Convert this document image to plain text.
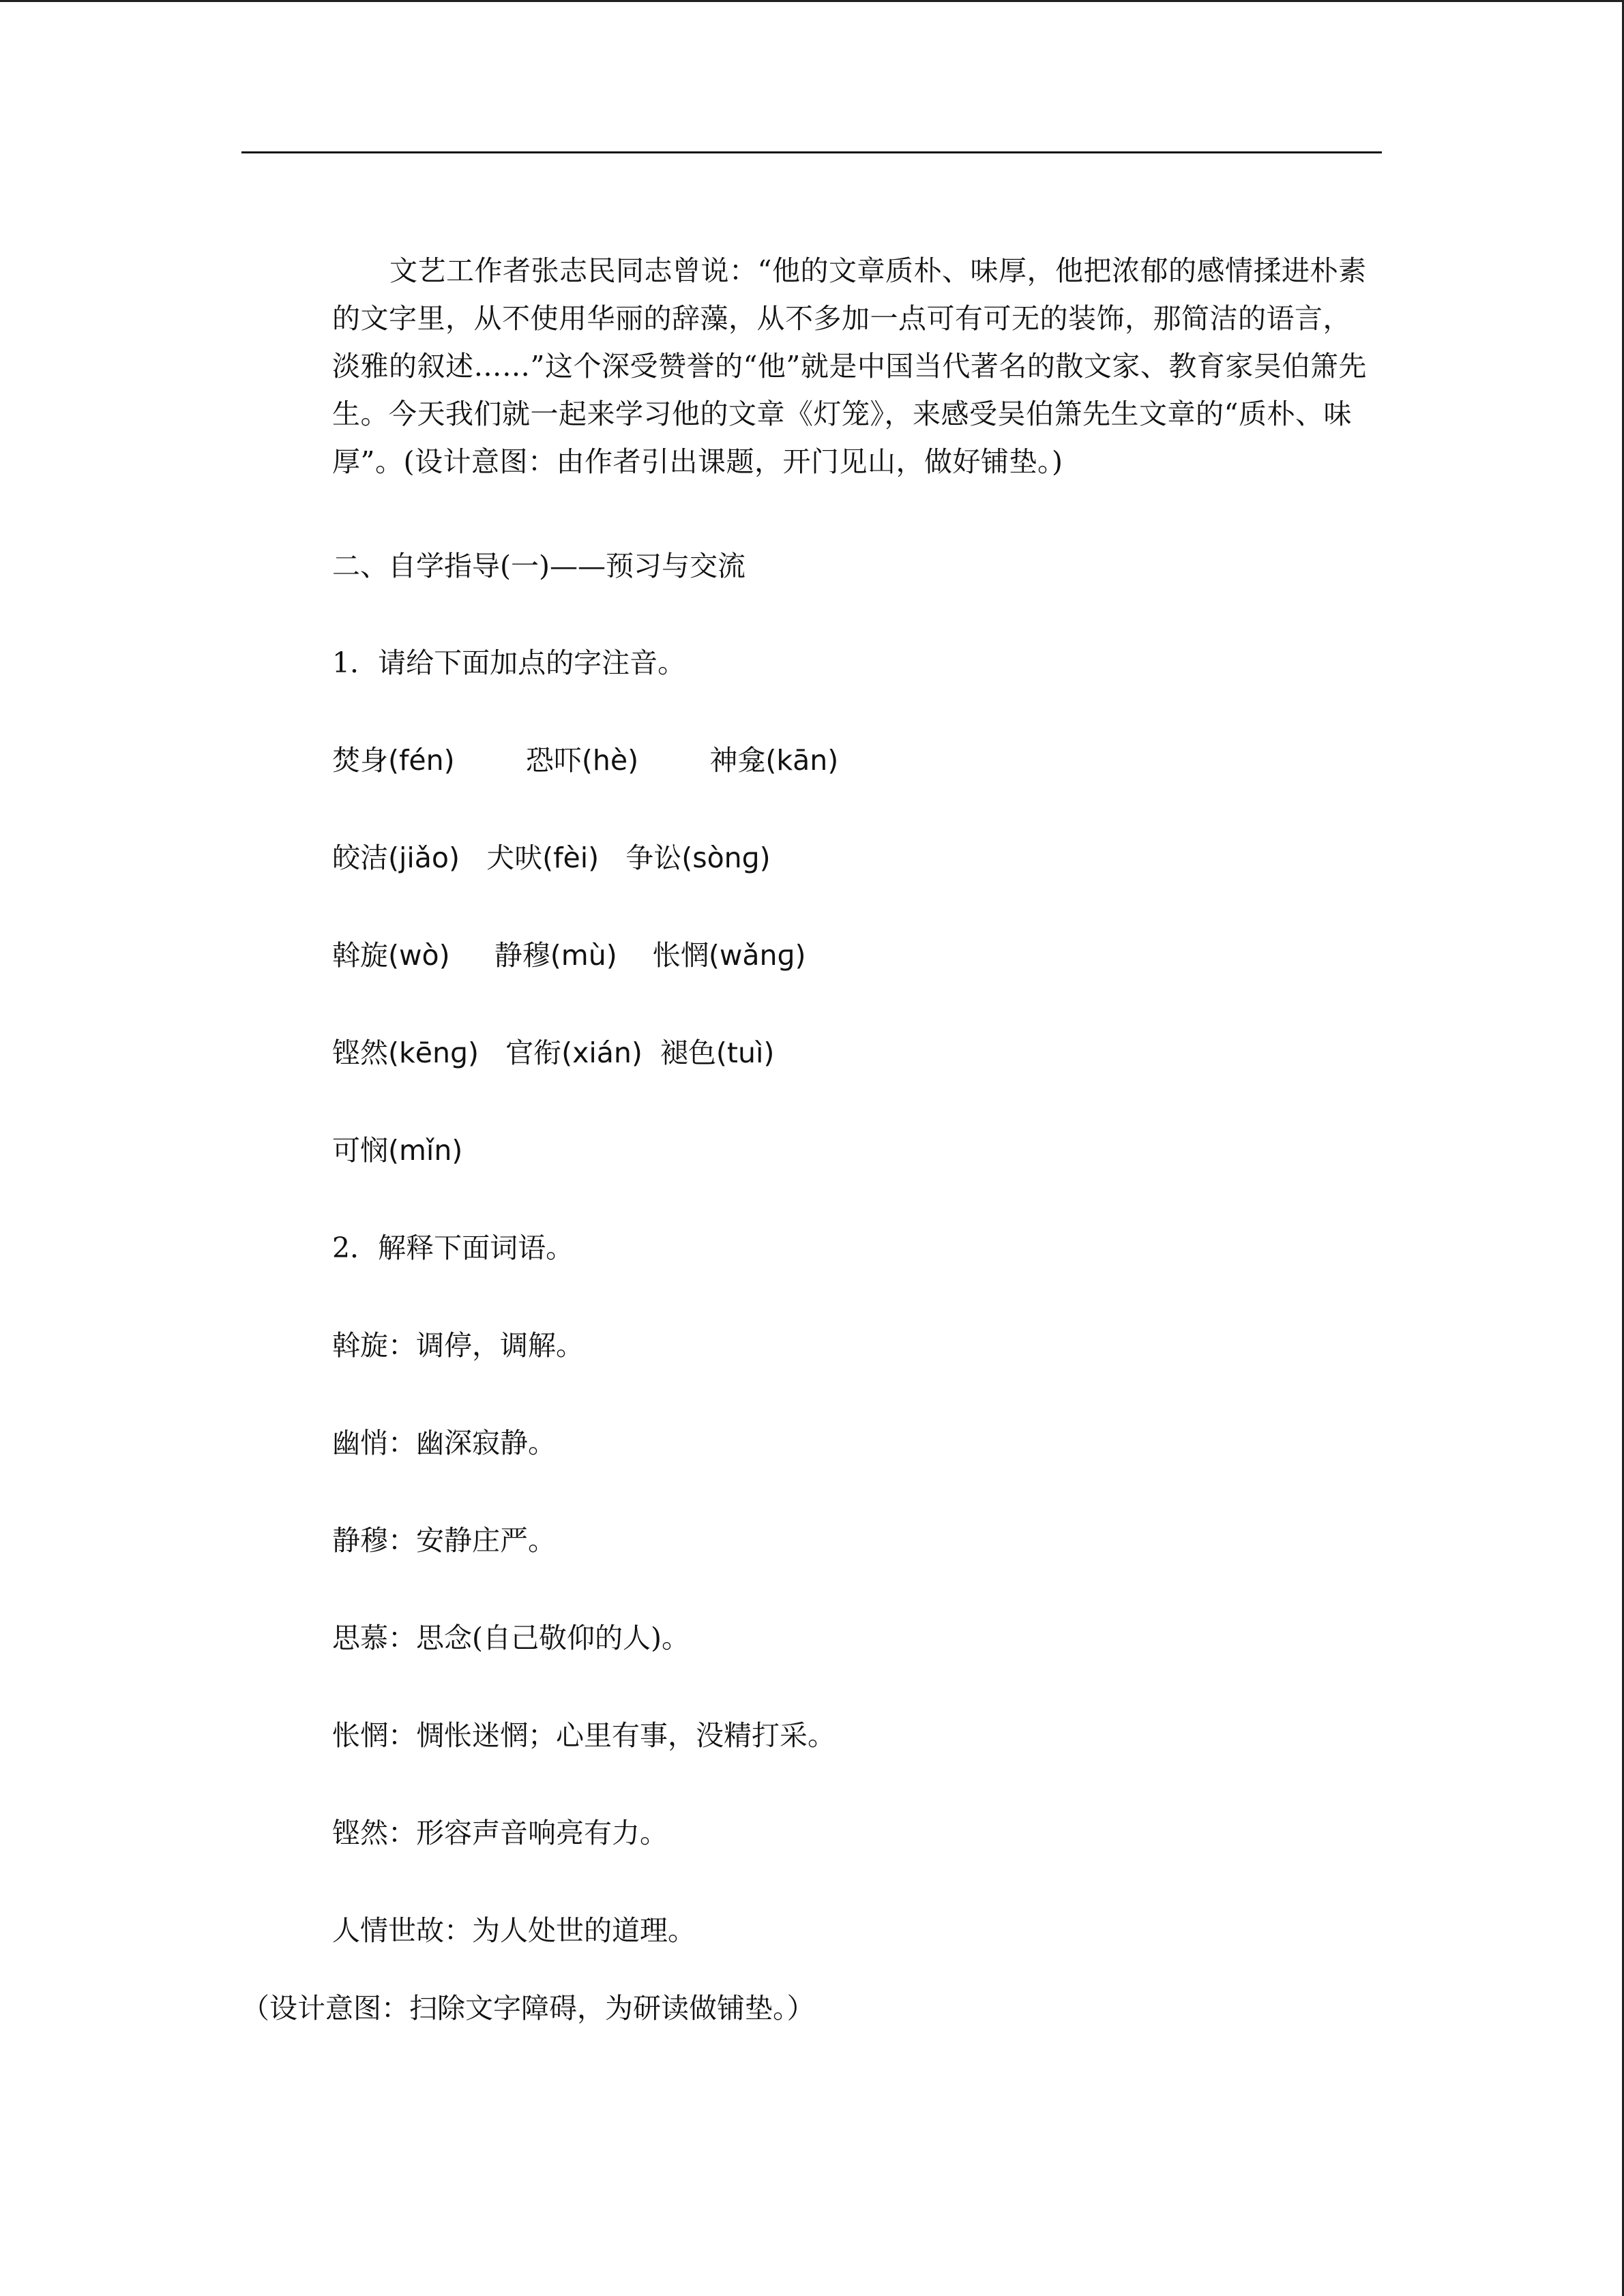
文艺工作者张志民同志曾说：“他的文章质朴、味厚，他把浓郁的感情揉进朴素的文字里，从不使用华丽的辞藻，从不多加一点可有可无的装饰，那简洁的语言，淡雅的叙述……”这个深受赞誉的“他”就是中国当代著名的散文家、教育家吴伯箫先生。今天我们就一起来学习他的文章《灯笼》，来感受吴伯箫先生文章的“质朴、味厚”。(设计意图：由作者引出课题，开门见山，做好铺垫。)

二、自学指导(一)——预习与交流

1．请给下面加点的字注音。

焚身(fén)        恐吓(hè)        神龛(kān)

皎洁(jiǎo)   犬吠(fèi)   争讼(sònɡ)

斡旋(wò)     静穆(mù)    怅惘(wǎnɡ)

铿然(kēnɡ)   官衔(xián)  褪色(tuì)

可悯(mǐn)

2．解释下面词语。

斡旋：调停，调解。

幽悄：幽深寂静。

静穆：安静庄严。

思慕：思念(自己敬仰的人)。

怅惘：惆怅迷惘；心里有事，没精打采。

铿然：形容声音响亮有力。

人情世故：为人处世的道理。

（设计意图：扫除文字障碍，为研读做铺垫。）
